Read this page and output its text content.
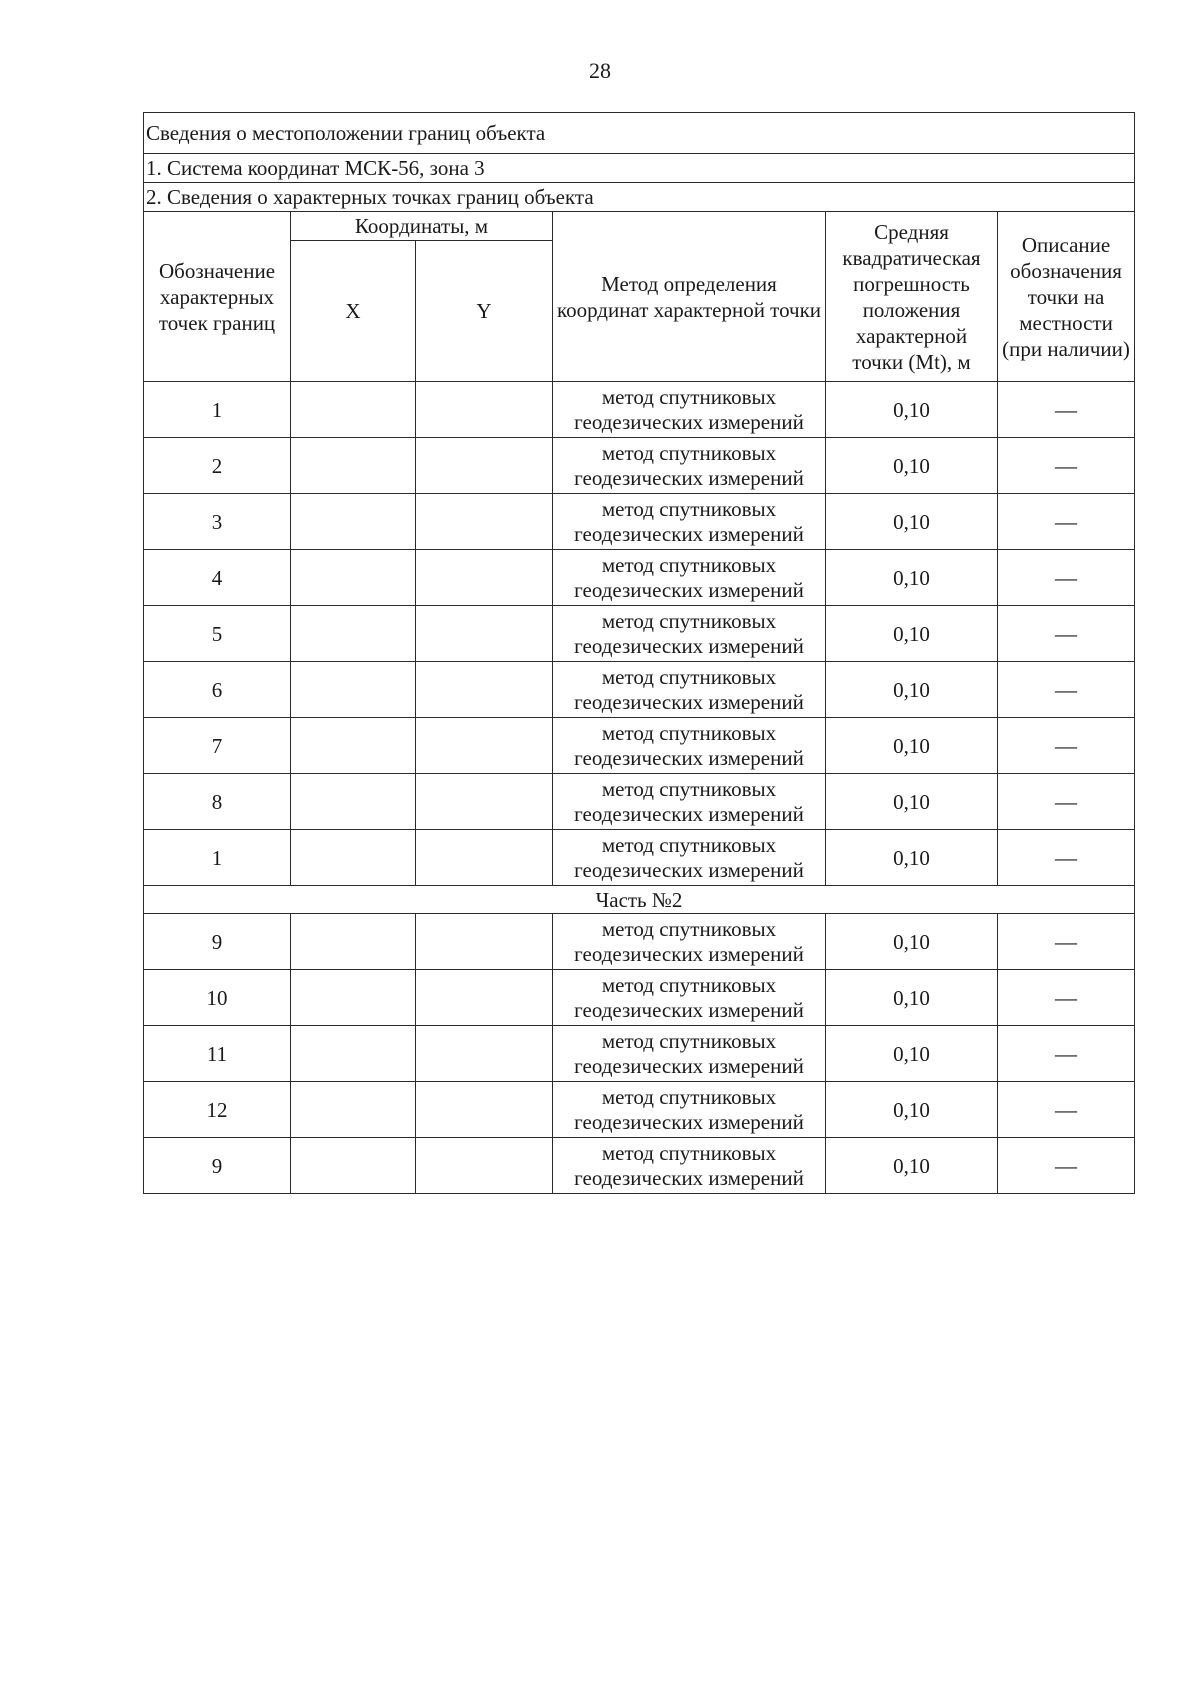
28
Сведения о местоположении границ объекта					
1. Система координат МСК-56, зона 3					
2. Сведения о характерных точках границ объекта					
Обозначение характерных точек границ	Координаты, м		Метод определения координат характерной точки	Средняя квадратическая погрешность положения характерной точки (Mt), м	Описание обозначения точки на местности (при наличии)
	X	Y			
1			метод спутниковых геодезических измерений	0,10	—
2			метод спутниковых геодезических измерений	0,10	—
3			метод спутниковых геодезических измерений	0,10	—
4			метод спутниковых геодезических измерений	0,10	—
5			метод спутниковых геодезических измерений	0,10	—
6			метод спутниковых геодезических измерений	0,10	—
7			метод спутниковых геодезических измерений	0,10	—
8			метод спутниковых геодезических измерений	0,10	—
1			метод спутниковых геодезических измерений	0,10	—
Часть №2					
9			метод спутниковых геодезических измерений	0,10	—
10			метод спутниковых геодезических измерений	0,10	—
11			метод спутниковых геодезических измерений	0,10	—
12			метод спутниковых геодезических измерений	0,10	—
9			метод спутниковых геодезических измерений	0,10	—
